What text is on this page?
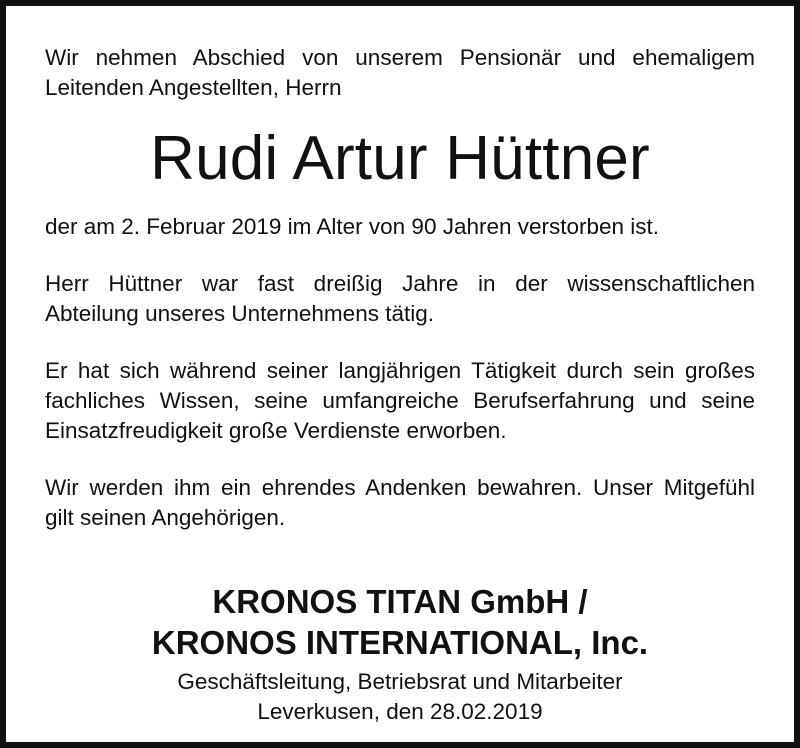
Wir nehmen Abschied von unserem Pensionär und ehemaligem

Leitenden Angestellten, Herrn

Rudi Artur Hüttner

der am 2. Februar 2019 im Alter von 90 Jahren verstorben ist.

Herr Hüttner war fast dreißig Jahre in der wissenschaftlichen

Abteilung unseres Unternehmens tätig.

Er hat sich während seiner langjährigen Tätigkeit durch sein großes

fachliches Wissen, seine umfangreiche Berufserfahrung und seine

Einsatzfreudigkeit große Verdienste erworben.

Wir werden ihm ein ehrendes Andenken bewahren. Unser Mitgefühl

gilt seinen Angehörigen.

KRONOS TITAN GmbH /

KRONOS INTERNATIONAL, Inc.

Geschäftsleitung, Betriebsrat und Mitarbeiter

Leverkusen, den 28.02.2019
